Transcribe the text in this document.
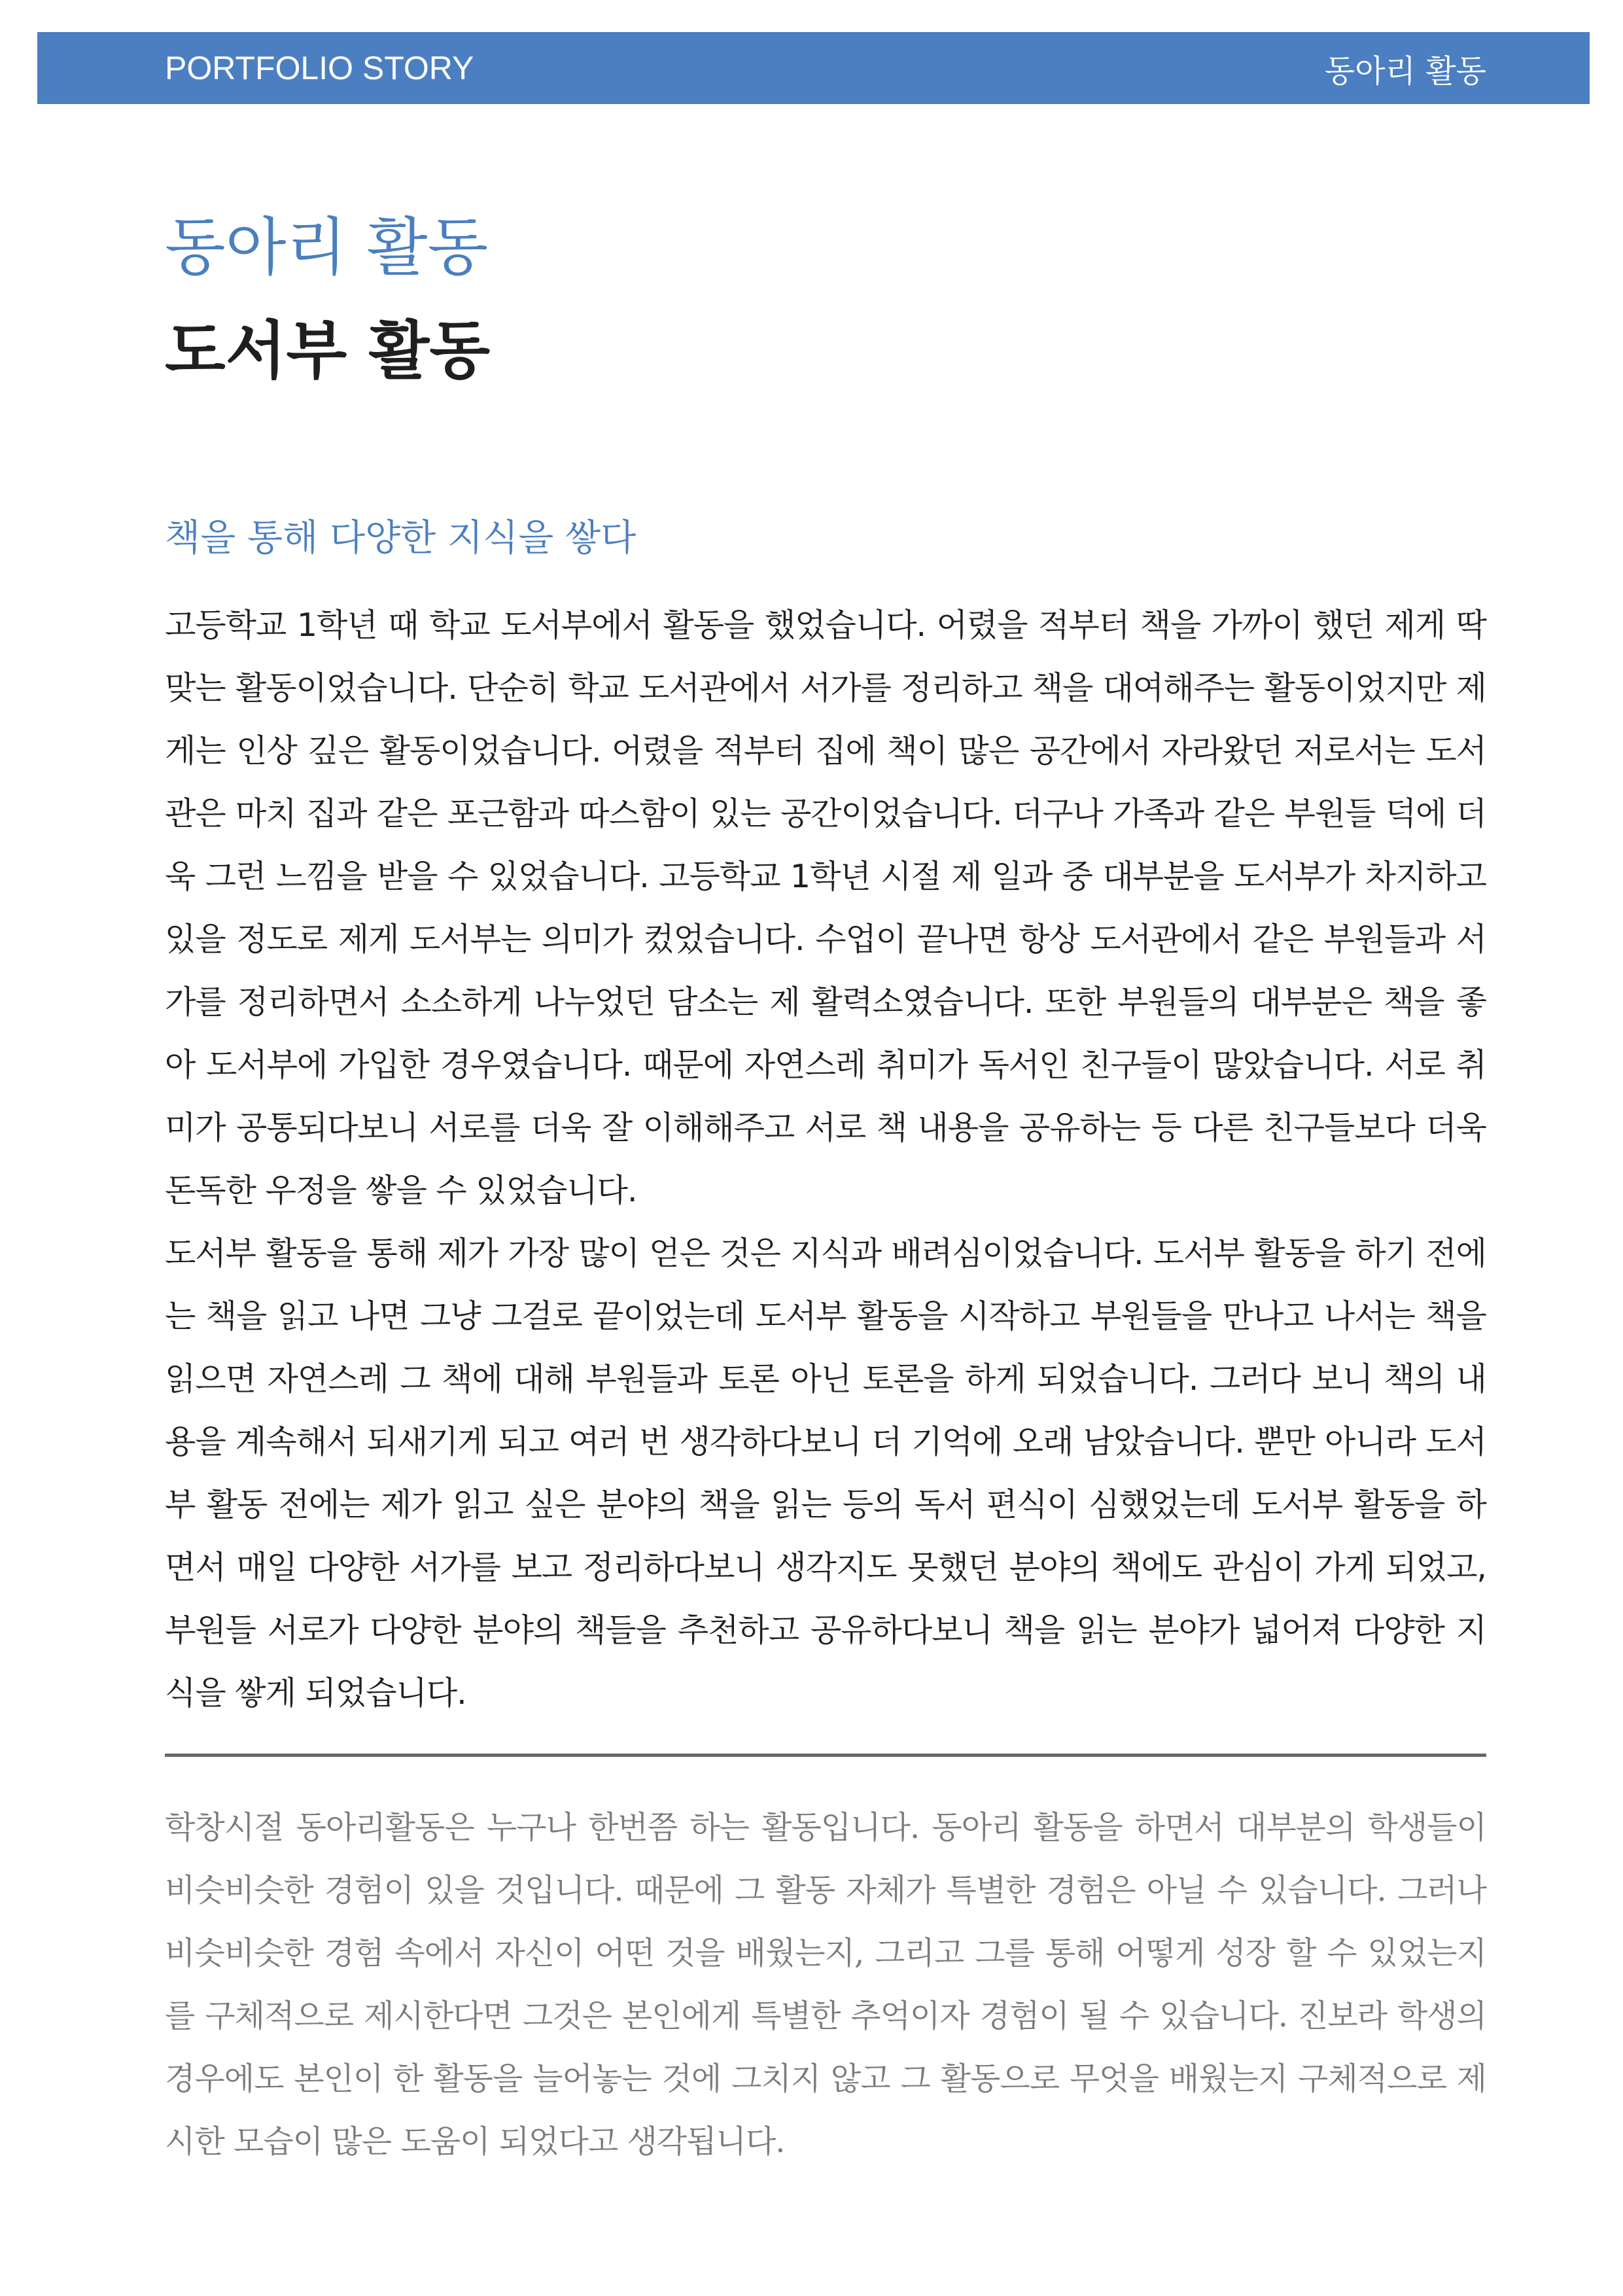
PORTFOLIO STORY	동아리 활동
동아리 활동
도서부 활동
책을 통해 다양한 지식을 쌓다

고등학교 1학년 때 학교 도서부에서 활동을 했었습니다. 어렸을 적부터 책을 가까이 했던 제게 딱 맞는 활동이었습니다. 단순히 학교 도서관에서 서가를 정리하고 책을 대여해주는 활동이었지만 제게는 인상 깊은 활동이었습니다. 어렸을 적부터 집에 책이 많은 공간에서 자라왔던 저로서는 도서관은 마치 집과 같은 포근함과 따스함이 있는 공간이었습니다. 더구나 가족과 같은 부원들 덕에 더욱 그런 느낌을 받을 수 있었습니다. 고등학교 1학년 시절 제 일과 중 대부분을 도서부가 차지하고 있을 정도로 제게 도서부는 의미가 컸었습니다. 수업이 끝나면 항상 도서관에서 같은 부원들과 서가를 정리하면서 소소하게 나누었던 담소는 제 활력소였습니다. 또한 부원들의 대부분은 책을 좋아 도서부에 가입한 경우였습니다. 때문에 자연스레 취미가 독서인 친구들이 많았습니다. 서로 취미가 공통되다보니 서로를 더욱 잘 이해해주고 서로 책 내용을 공유하는 등 다른 친구들보다 더욱 돈독한 우정을 쌓을 수 있었습니다.

도서부 활동을 통해 제가 가장 많이 얻은 것은 지식과 배려심이었습니다. 도서부 활동을 하기 전에는 책을 읽고 나면 그냥 그걸로 끝이었는데 도서부 활동을 시작하고 부원들을 만나고 나서는 책을 읽으면 자연스레 그 책에 대해 부원들과 토론 아닌 토론을 하게 되었습니다. 그러다 보니 책의 내용을 계속해서 되새기게 되고 여러 번 생각하다보니 더 기억에 오래 남았습니다. 뿐만 아니라 도서부 활동 전에는 제가 읽고 싶은 분야의 책을 읽는 등의 독서 편식이 심했었는데 도서부 활동을 하면서 매일 다양한 서가를 보고 정리하다보니 생각지도 못했던 분야의 책에도 관심이 가게 되었고, 부원들 서로가 다양한 분야의 책들을 추천하고 공유하다보니 책을 읽는 분야가 넓어져 다양한 지식을 쌓게 되었습니다.

학창시절 동아리활동은 누구나 한번쯤 하는 활동입니다. 동아리 활동을 하면서 대부분의 학생들이 비슷비슷한 경험이 있을 것입니다. 때문에 그 활동 자체가 특별한 경험은 아닐 수 있습니다. 그러나 비슷비슷한 경험 속에서 자신이 어떤 것을 배웠는지, 그리고 그를 통해 어떻게 성장 할 수 있었는지를 구체적으로 제시한다면 그것은 본인에게 특별한 추억이자 경험이 될 수 있습니다. 진보라 학생의 경우에도 본인이 한 활동을 늘어놓는 것에 그치지 않고 그 활동으로 무엇을 배웠는지 구체적으로 제시한 모습이 많은 도움이 되었다고 생각됩니다.
